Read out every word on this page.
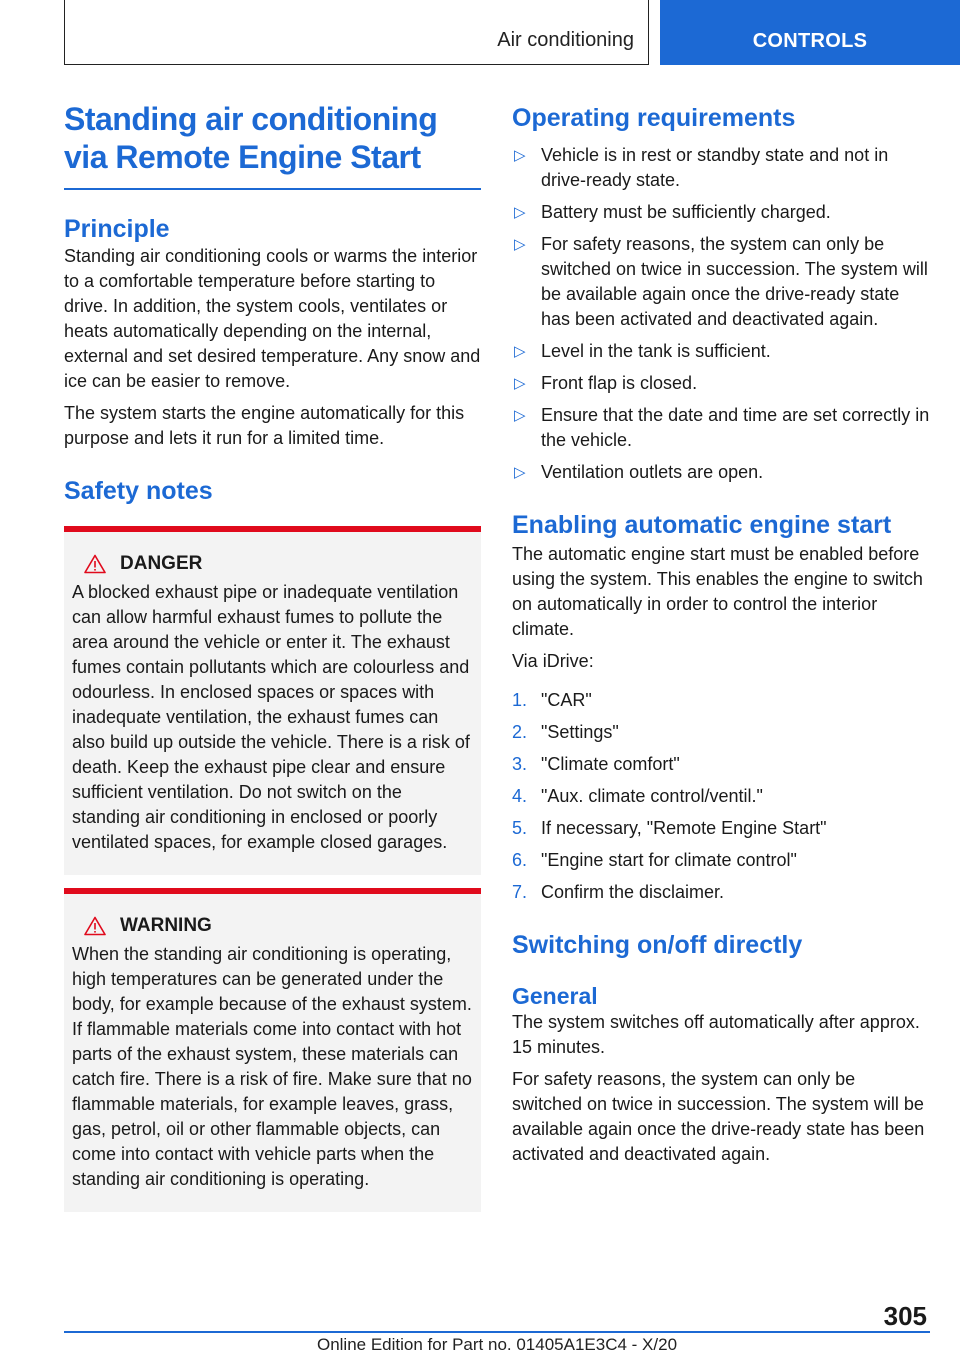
Air conditioning	CONTROLS
Standing air conditioning
via Remote Engine Start
Principle

Standing air conditioning cools or warms the interior to a comfortable temperature before starting to drive. In addition, the system cools, ventilates or heats automatically depending on the internal, external and set desired temperature. Any snow and ice can be easier to remove.

The system starts the engine automatically for this purpose and lets it run for a limited time.

Safety notes
DANGER

A blocked exhaust pipe or inadequate ventilation can allow harmful exhaust fumes to pollute the area around the vehicle or enter it. The exhaust fumes contain pollutants which are colourless and odourless. In enclosed spaces or spaces with inadequate ventilation, the exhaust fumes can also build up outside the vehicle. There is a risk of death. Keep the exhaust pipe clear and ensure sufficient ventilation. Do not switch on the standing air conditioning in enclosed or poorly ventilated spaces, for example closed garages.

WARNING

When the standing air conditioning is operating, high temperatures can be generated under the body, for example because of the exhaust system. If flammable materials come into contact with hot parts of the exhaust system, these materials can catch fire. There is a risk of fire. Make sure that no flammable materials, for example leaves, grass, gas, petrol, oil or other flammable objects, can come into contact with vehicle parts when the standing air conditioning is operating.

Operating requirements
▷ Vehicle is in rest or standby state and not in drive-ready state.
▷ Battery must be sufficiently charged.
▷ For safety reasons, the system can only be switched on twice in succession. The system will be available again once the drive-ready state has been activated and deactivated again.
▷ Level in the tank is sufficient.
▷ Front flap is closed.
▷ Ensure that the date and time are set correctly in the vehicle.
▷ Ventilation outlets are open.
Enabling automatic engine start

The automatic engine start must be enabled before using the system. This enables the engine to switch on automatically in order to control the interior climate.

Via iDrive:

1. "CAR"
2. "Settings"
3. "Climate comfort"
4. "Aux. climate control/ventil."
5. If necessary, "Remote Engine Start"
6. "Engine start for climate control"
7. Confirm the disclaimer.
Switching on/off directly
General

The system switches off automatically after approx. 15 minutes.

For safety reasons, the system can only be switched on twice in succession. The system will be available again once the drive-ready state has been activated and deactivated again.

305
Online Edition for Part no. 01405A1E3C4 - X/20
